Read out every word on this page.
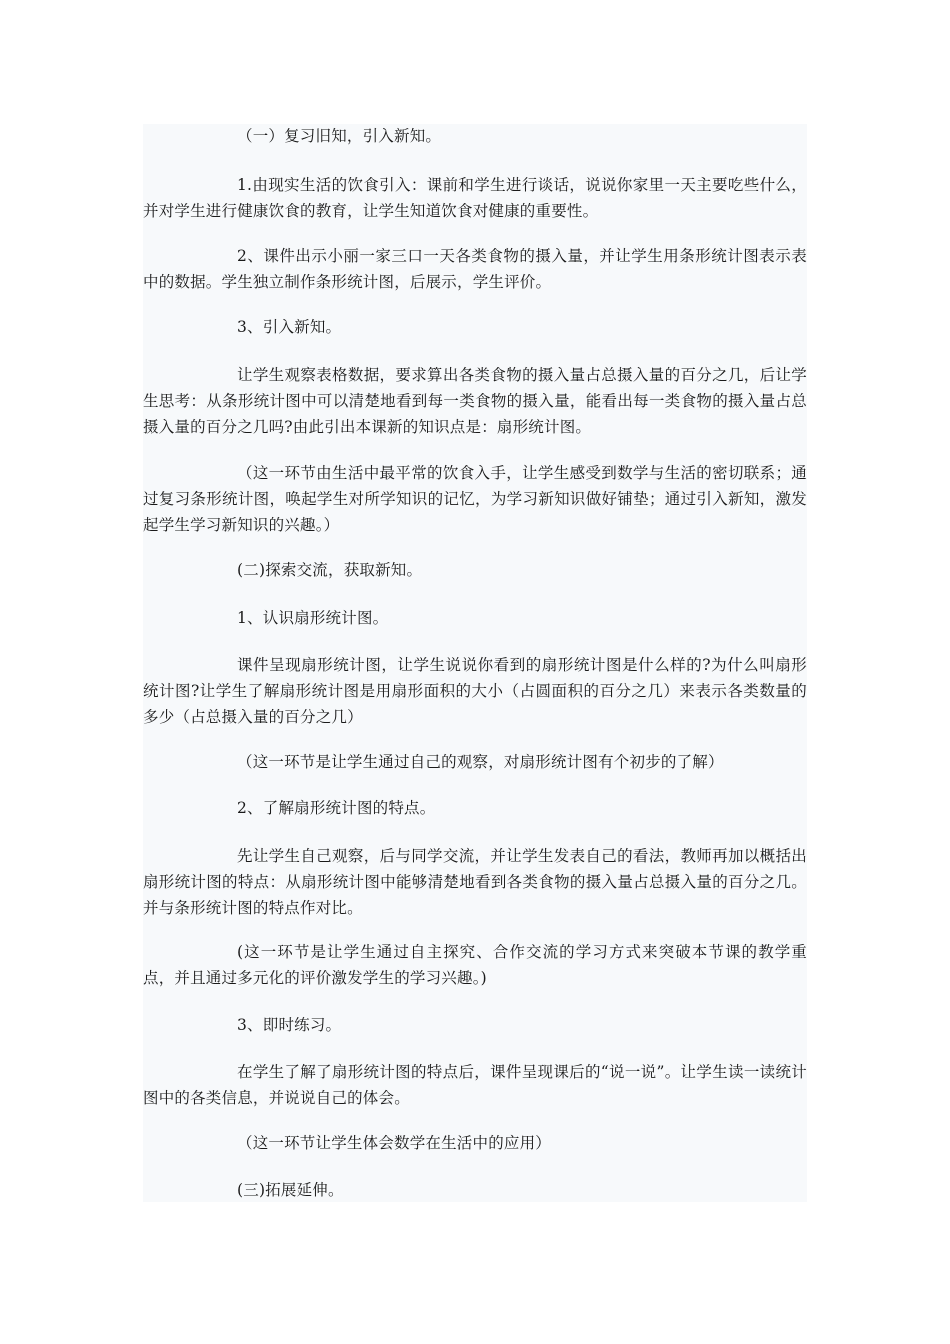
（一）复习旧知，引入新知。

1.由现实生活的饮食引入：课前和学生进行谈话，说说你家里一天主要吃些什么，并对学生进行健康饮食的教育，让学生知道饮食对健康的重要性。

2、课件出示小丽一家三口一天各类食物的摄入量，并让学生用条形统计图表示表中的数据。学生独立制作条形统计图，后展示，学生评价。

3、引入新知。

让学生观察表格数据，要求算出各类食物的摄入量占总摄入量的百分之几，后让学生思考：从条形统计图中可以清楚地看到每一类食物的摄入量，能看出每一类食物的摄入量占总摄入量的百分之几吗?由此引出本课新的知识点是：扇形统计图。

（这一环节由生活中最平常的饮食入手，让学生感受到数学与生活的密切联系；通过复习条形统计图，唤起学生对所学知识的记忆，为学习新知识做好铺垫；通过引入新知，激发起学生学习新知识的兴趣。）

(二)探索交流，获取新知。

1、认识扇形统计图。

课件呈现扇形统计图，让学生说说你看到的扇形统计图是什么样的?为什么叫扇形统计图?让学生了解扇形统计图是用扇形面积的大小（占圆面积的百分之几）来表示各类数量的多少（占总摄入量的百分之几）

（这一环节是让学生通过自己的观察，对扇形统计图有个初步的了解）

2、了解扇形统计图的特点。

先让学生自己观察，后与同学交流，并让学生发表自己的看法，教师再加以概括出扇形统计图的特点：从扇形统计图中能够清楚地看到各类食物的摄入量占总摄入量的百分之几。并与条形统计图的特点作对比。

(这一环节是让学生通过自主探究、合作交流的学习方式来突破本节课的教学重点，并且通过多元化的评价激发学生的学习兴趣。)

3、即时练习。

在学生了解了扇形统计图的特点后，课件呈现课后的“说一说”。让学生读一读统计图中的各类信息，并说说自己的体会。

（这一环节让学生体会数学在生活中的应用）

(三)拓展延伸。
